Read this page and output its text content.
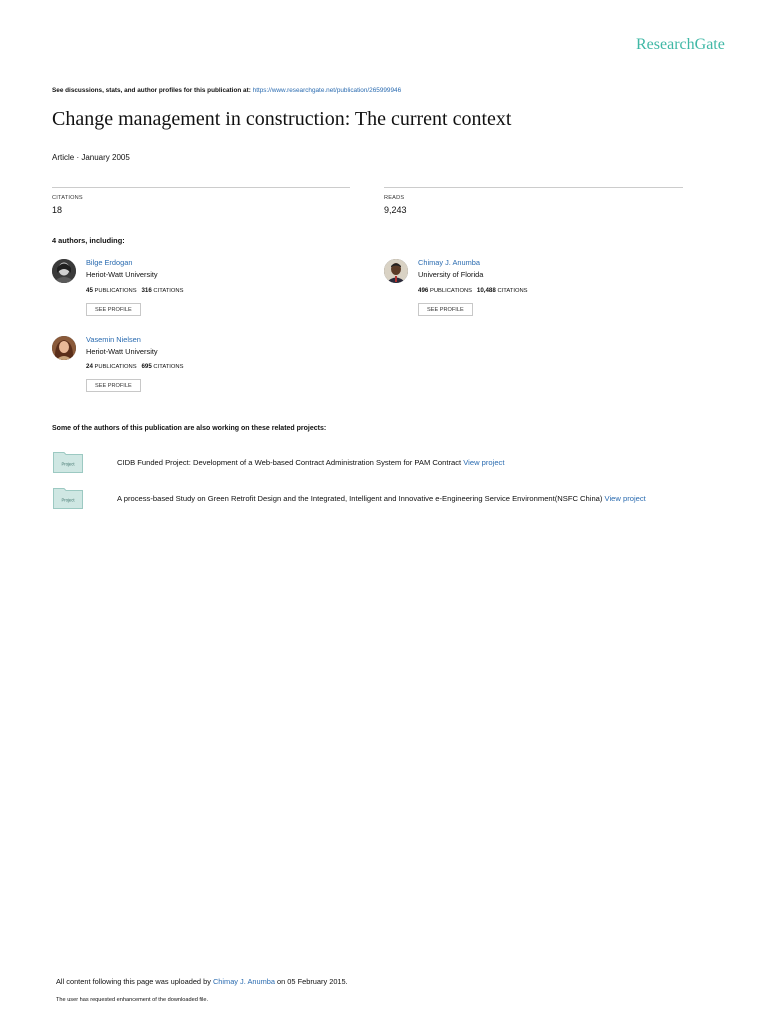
ResearchGate
See discussions, stats, and author profiles for this publication at: https://www.researchgate.net/publication/265999946
Change management in construction: The current context
Article · January 2005
CITATIONS
18
READS
9,243
4 authors, including:
Bilge Erdogan
Heriot-Watt University
45 PUBLICATIONS 316 CITATIONS
SEE PROFILE
Chimay J. Anumba
University of Florida
496 PUBLICATIONS 10,488 CITATIONS
SEE PROFILE
Vasemin Nielsen
Heriot-Watt University
24 PUBLICATIONS 695 CITATIONS
SEE PROFILE
Some of the authors of this publication are also working on these related projects:
Project	CIDB Funded Project: Development of a Web-based Contract Administration System for PAM Contract View project
Project	A process-based Study on Green Retrofit Design and the Integrated, Intelligent and Innovative e-Engineering Service Environment(NSFC China) View project
All content following this page was uploaded by Chimay J. Anumba on 05 February 2015.
The user has requested enhancement of the downloaded file.
